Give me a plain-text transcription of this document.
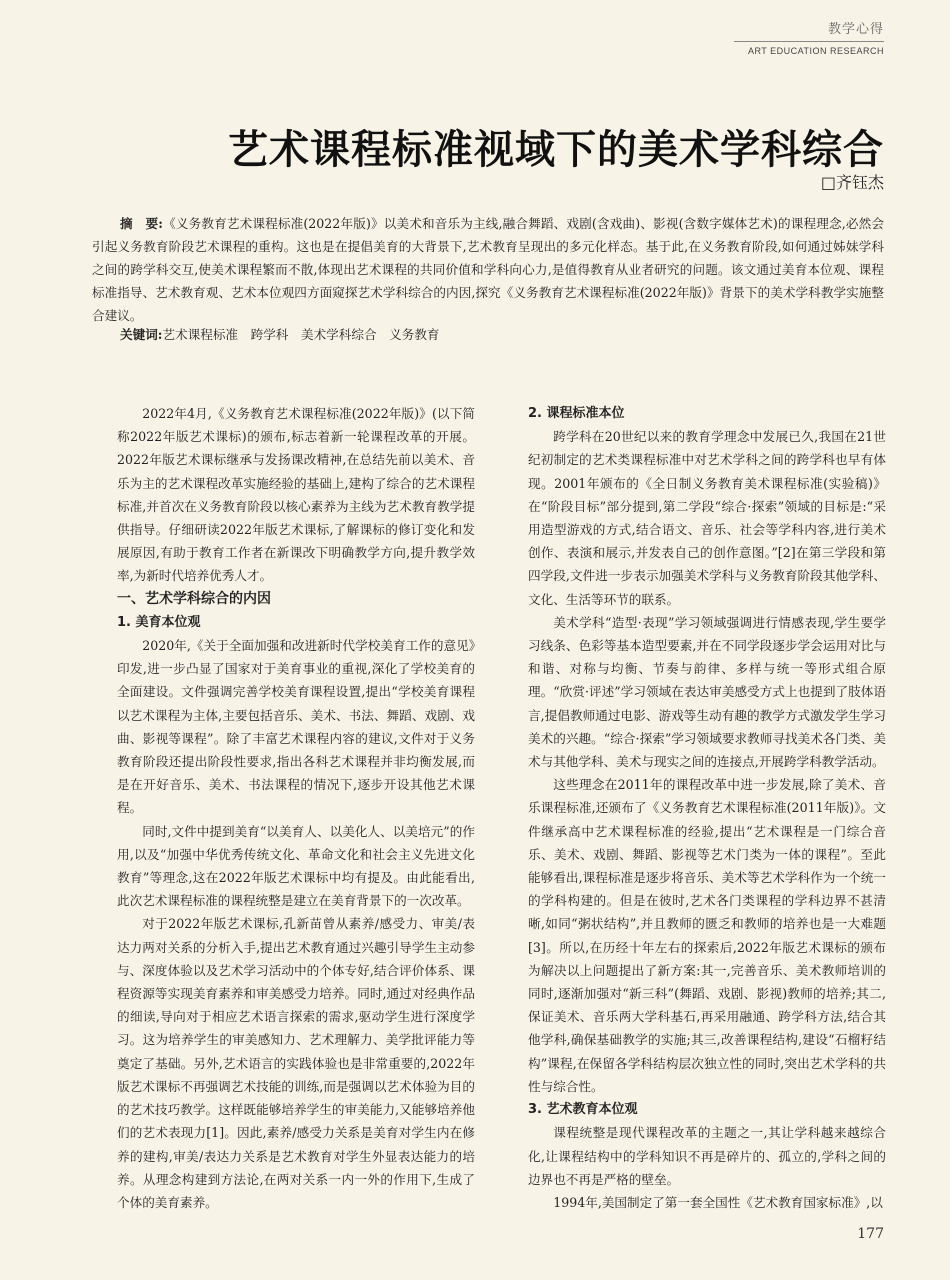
教学心得
ART EDUCATION RESEARCH
艺术课程标准视域下的美术学科综合
□齐钰杰
摘　要:《义务教育艺术课程标准(2022年版)》以美术和音乐为主线,融合舞蹈、戏剧(含戏曲)、影视(含数字媒体艺术)的课程理念,必然会引起义务教育阶段艺术课程的重构。这也是在提倡美育的大背景下,艺术教育呈现出的多元化样态。基于此,在义务教育阶段,如何通过姊妹学科之间的跨学科交互,使美术课程繁而不散,体现出艺术课程的共同价值和学科向心力,是值得教育从业者研究的问题。该文通过美育本位观、课程标准指导、艺术教育观、艺术本位观四方面窥探艺术学科综合的内因,探究《义务教育艺术课程标准(2022年版)》背景下的美术学科教学实施整合建议。
关键词:艺术课程标准　跨学科　美术学科综合　义务教育

2022年4月,《义务教育艺术课程标准(2022年版)》(以下简称2022年版艺术课标)的颁布,标志着新一轮课程改革的开展。2022年版艺术课标继承与发扬课改精神,在总结先前以美术、音乐为主的艺术课程改革实施经验的基础上,建构了综合的艺术课程标准,并首次在义务教育阶段以核心素养为主线为艺术教育教学提供指导。仔细研读2022年版艺术课标,了解课标的修订变化和发展原因,有助于教育工作者在新课改下明确教学方向,提升教学效率,为新时代培养优秀人才。

一、艺术学科综合的内因
1. 美育本位观

2020年,《关于全面加强和改进新时代学校美育工作的意见》印发,进一步凸显了国家对于美育事业的重视,深化了学校美育的全面建设。文件强调完善学校美育课程设置,提出“学校美育课程以艺术课程为主体,主要包括音乐、美术、书法、舞蹈、戏剧、戏曲、影视等课程”。除了丰富艺术课程内容的建议,文件对于义务教育阶段还提出阶段性要求,指出各科艺术课程并非均衡发展,而是在开好音乐、美术、书法课程的情况下,逐步开设其他艺术课程。

同时,文件中提到美育“以美育人、以美化人、以美培元”的作用,以及“加强中华优秀传统文化、革命文化和社会主义先进文化教育”等理念,这在2022年版艺术课标中均有提及。由此能看出,此次艺术课程标准的课程统整是建立在美育背景下的一次改革。

对于2022年版艺术课标,孔新苗曾从素养/感受力、审美/表达力两对关系的分析入手,提出艺术教育通过兴趣引导学生主动参与、深度体验以及艺术学习活动中的个体专好,结合评价体系、课程资源等实现美育素养和审美感受力培养。同时,通过对经典作品的细读,导向对于相应艺术语言探索的需求,驱动学生进行深度学习。这为培养学生的审美感知力、艺术理解力、美学批评能力等奠定了基础。另外,艺术语言的实践体验也是非常重要的,2022年版艺术课标不再强调艺术技能的训练,而是强调以艺术体验为目的的艺术技巧教学。这样既能够培养学生的审美能力,又能够培养他们的艺术表现力[1]。因此,素养/感受力关系是美育对学生内在修养的建构,审美/表达力关系是艺术教育对学生外显表达能力的培养。从理念构建到方法论,在两对关系一内一外的作用下,生成了个体的美育素养。

2. 课程标准本位

跨学科在20世纪以来的教育学理念中发展已久,我国在21世纪初制定的艺术类课程标准中对艺术学科之间的跨学科也早有体现。2001年颁布的《全日制义务教育美术课程标准(实验稿)》在“阶段目标”部分提到,第二学段“综合·探索”领域的目标是:“采用造型游戏的方式,结合语文、音乐、社会等学科内容,进行美术创作、表演和展示,并发表自己的创作意图。”[2]在第三学段和第四学段,文件进一步表示加强美术学科与义务教育阶段其他学科、文化、生活等环节的联系。

美术学科“造型·表现”学习领域强调进行情感表现,学生要学习线条、色彩等基本造型要素,并在不同学段逐步学会运用对比与和谐、对称与均衡、节奏与韵律、多样与统一等形式组合原理。“欣赏·评述”学习领域在表达审美感受方式上也提到了肢体语言,提倡教师通过电影、游戏等生动有趣的教学方式激发学生学习美术的兴趣。“综合·探索”学习领域要求教师寻找美术各门类、美术与其他学科、美术与现实之间的连接点,开展跨学科教学活动。

这些理念在2011年的课程改革中进一步发展,除了美术、音乐课程标准,还颁布了《义务教育艺术课程标准(2011年版)》。文件继承高中艺术课程标准的经验,提出“艺术课程是一门综合音乐、美术、戏剧、舞蹈、影视等艺术门类为一体的课程”。至此能够看出,课程标准是逐步将音乐、美术等艺术学科作为一个统一的学科构建的。但是在彼时,艺术各门类课程的学科边界不甚清晰,如同“粥状结构”,并且教师的匮乏和教师的培养也是一大难题[3]。所以,在历经十年左右的探索后,2022年版艺术课标的颁布为解决以上问题提出了新方案:其一,完善音乐、美术教师培训的同时,逐渐加强对“新三科”(舞蹈、戏剧、影视)教师的培养;其二,保证美术、音乐两大学科基石,再采用融通、跨学科方法,结合其他学科,确保基础教学的实施;其三,改善课程结构,建设“石榴籽结构”课程,在保留各学科结构层次独立性的同时,突出艺术学科的共性与综合性。

3. 艺术教育本位观

课程统整是现代课程改革的主题之一,其让学科越来越综合化,让课程结构中的学科知识不再是碎片的、孤立的,学科之间的边界也不再是严格的壁垒。

1994年,美国制定了第一套全国性《艺术教育国家标准》,以

177
